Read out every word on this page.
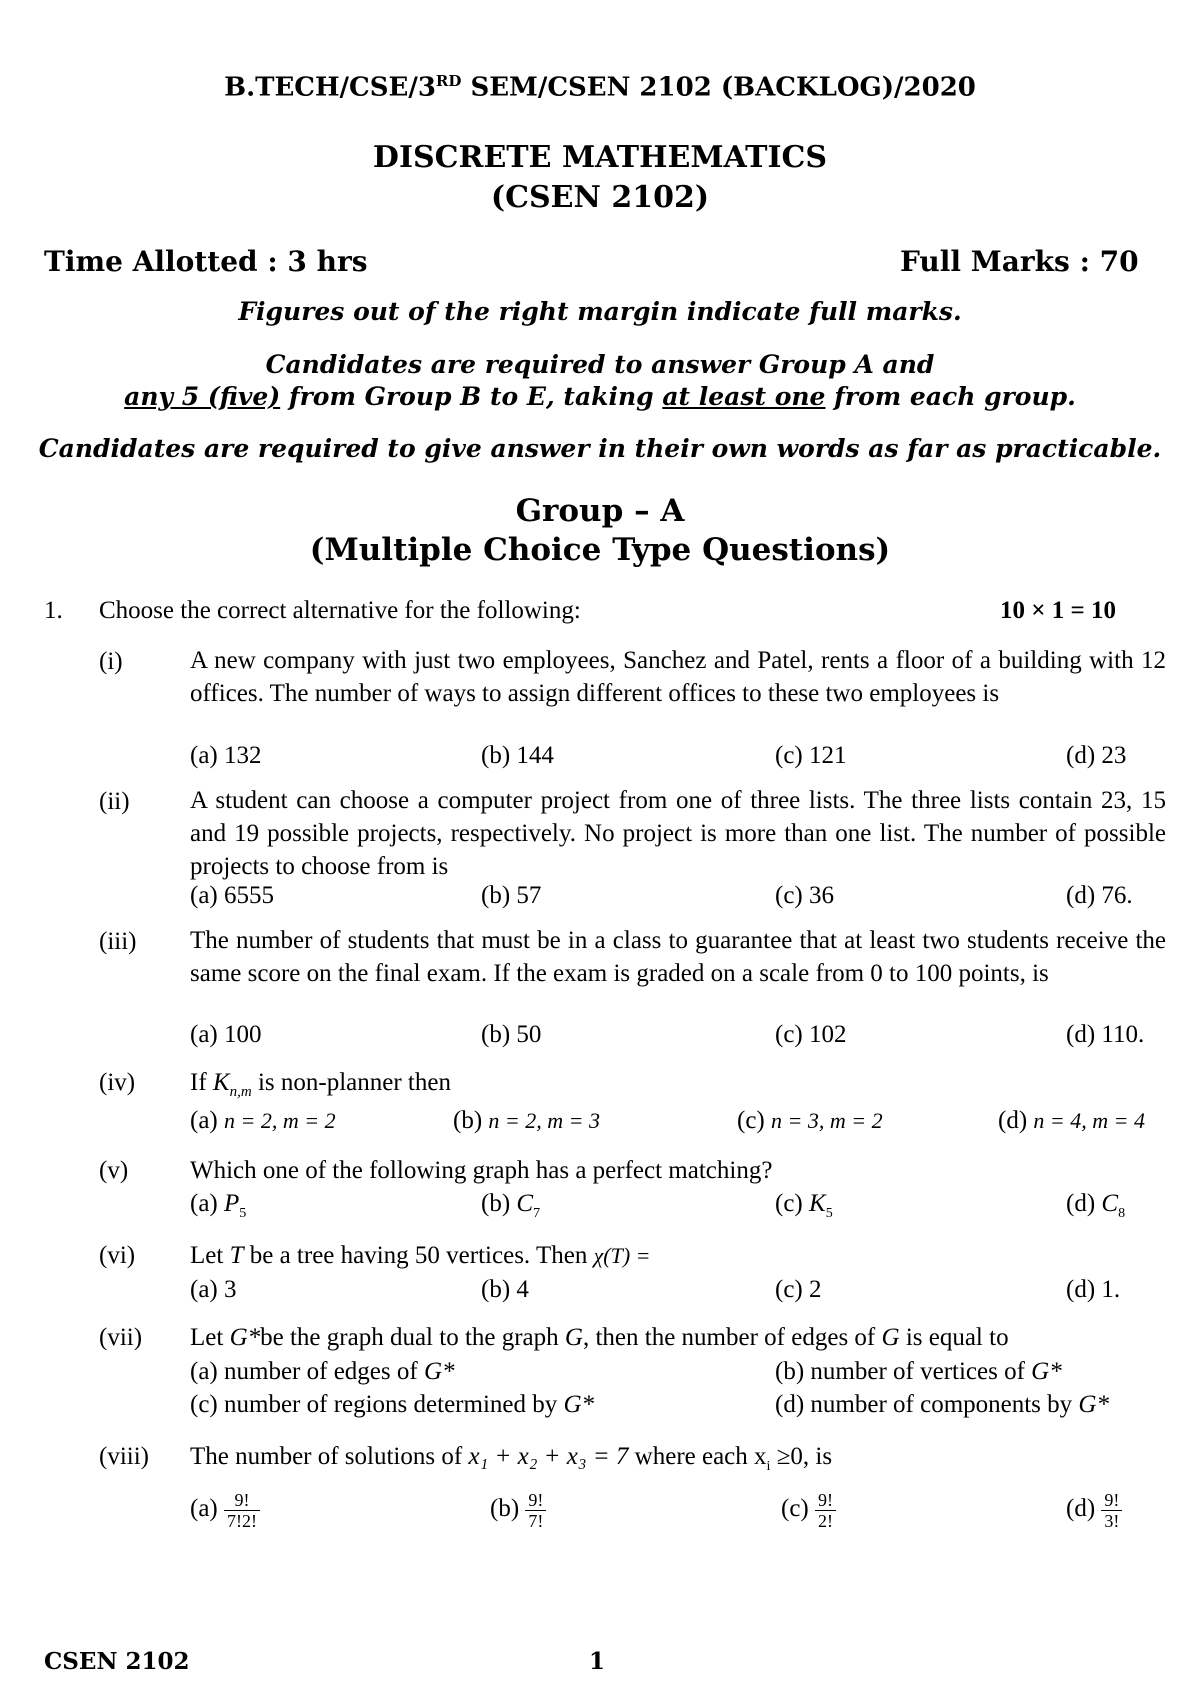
B.TECH/CSE/3RD SEM/CSEN 2102 (BACKLOG)/2020
DISCRETE MATHEMATICS
(CSEN 2102)
Time Allotted : 3 hrs	Full Marks : 70
Figures out of the right margin indicate full marks.
Candidates are required to answer Group A and
any 5 (five) from Group B to E, taking at least one from each group.
Candidates are required to give answer in their own words as far as practicable.
Group – A
(Multiple Choice Type Questions)
1. Choose the correct alternative for the following:	10 × 1 = 10
(i)	A new company with just two employees, Sanchez and Patel, rents a floor of a building with 12 offices. The number of ways to assign different offices to these two employees is
(a) 132	(b) 144	(c) 121	(d) 23
(ii) A student can choose a computer project from one of three lists. The three lists contain 23, 15 and 19 possible projects, respectively. No project is more than one list. The number of possible projects to choose from is
(a) 6555	(b) 57	(c) 36	(d) 76.
(iii) The number of students that must be in a class to guarantee that at least two students receive the same score on the final exam. If the exam is graded on a scale from 0 to 100 points, is
(a) 100	(b) 50	(c) 102	(d) 110.
(iv) If $K_{n,m}$ is non-planner then
(a) n = 2, m = 2	(b) n = 2, m = 3	(c) n = 3, m = 2	(d) n = 4, m = 4
(v) Which one of the following graph has a perfect matching?
(a) $P_5$	(b) $C_7$	(c) $K_5$	(d) $C_8$
(vi) Let T be a tree having 50 vertices. Then χ(T) =
(a) 3	(b) 4	(c) 2	(d) 1.
(vii) Let G*be the graph dual to the graph G, then the number of edges of G is equal to
(a) number of edges of G*	(b) number of vertices of G*
(c) number of regions determined by G*	(d) number of components by G*
(viii) The number of solutions of x₁ + x₂ + x₃ = 7 where each $x_i \ge 0$, is
$(a) \frac{9!}{7!2!}$	$(b) \frac{9!}{7!}$	$(c) \frac{9!}{2!}$	$(d) \frac{9!}{3!}$
CSEN 2102	1
